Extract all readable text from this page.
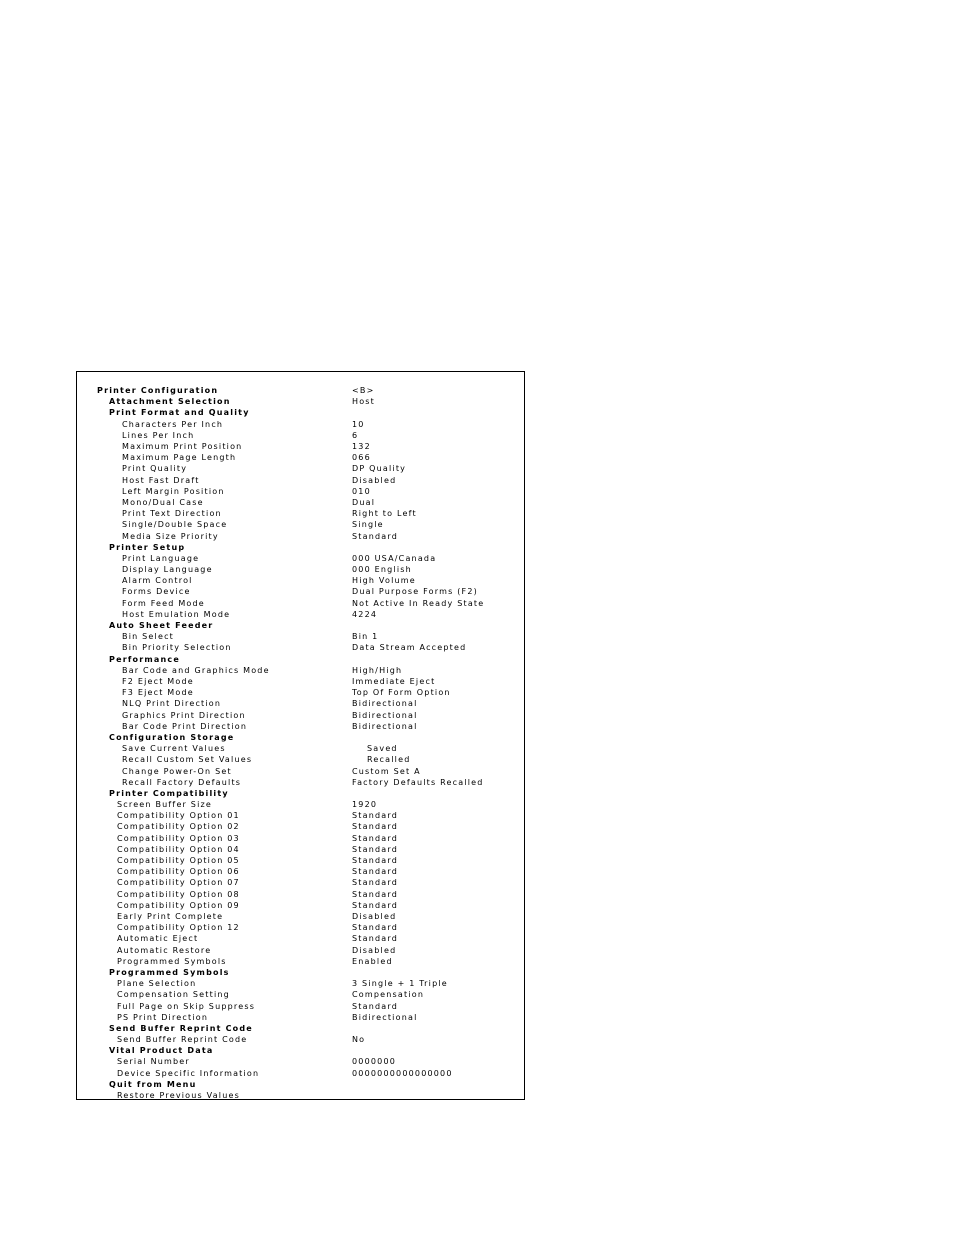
Printer Configuration	<B>
Attachment Selection	Host
Print Format and Quality
Characters Per Inch	10
Lines Per Inch	6
Maximum Print Position	132
Maximum Page Length	066
Print Quality	DP Quality
Host Fast Draft	Disabled
Left Margin Position	010
Mono/Dual Case	Dual
Print Text Direction	Right to Left
Single/Double Space	Single
Media Size Priority	Standard
Printer Setup
Print Language	000 USA/Canada
Display Language	000 English
Alarm Control	High Volume
Forms Device	Dual Purpose Forms (F2)
Form Feed Mode	Not Active In Ready State
Host Emulation Mode	4224
Auto Sheet Feeder
Bin Select	Bin 1
Bin Priority Selection	Data Stream Accepted
Performance
Bar Code and Graphics Mode	High/High
F2 Eject Mode	Immediate Eject
F3 Eject Mode	Top Of Form Option
NLQ Print Direction	Bidirectional
Graphics Print Direction	Bidirectional
Bar Code Print Direction	Bidirectional
Configuration Storage
Save Current Values	Saved
Recall Custom Set Values	Recalled
Change Power-On Set	Custom Set A
Recall Factory Defaults	Factory Defaults Recalled
Printer Compatibility
Screen Buffer Size	1920
Compatibility Option 01	Standard
Compatibility Option 02	Standard
Compatibility Option 03	Standard
Compatibility Option 04	Standard
Compatibility Option 05	Standard
Compatibility Option 06	Standard
Compatibility Option 07	Standard
Compatibility Option 08	Standard
Compatibility Option 09	Standard
Early Print Complete	Disabled
Compatibility Option 12	Standard
Automatic Eject	Standard
Automatic Restore	Disabled
Programmed Symbols	Enabled
Programmed Symbols
Plane Selection	3 Single + 1 Triple
Compensation Setting	Compensation
Full Page on Skip Suppress	Standard
PS Print Direction	Bidirectional
Send Buffer Reprint Code
Send Buffer Reprint Code	No
Vital Product Data
Serial Number	0000000
Device Specific Information	0000000000000000
Quit from Menu
Restore Previous Values
